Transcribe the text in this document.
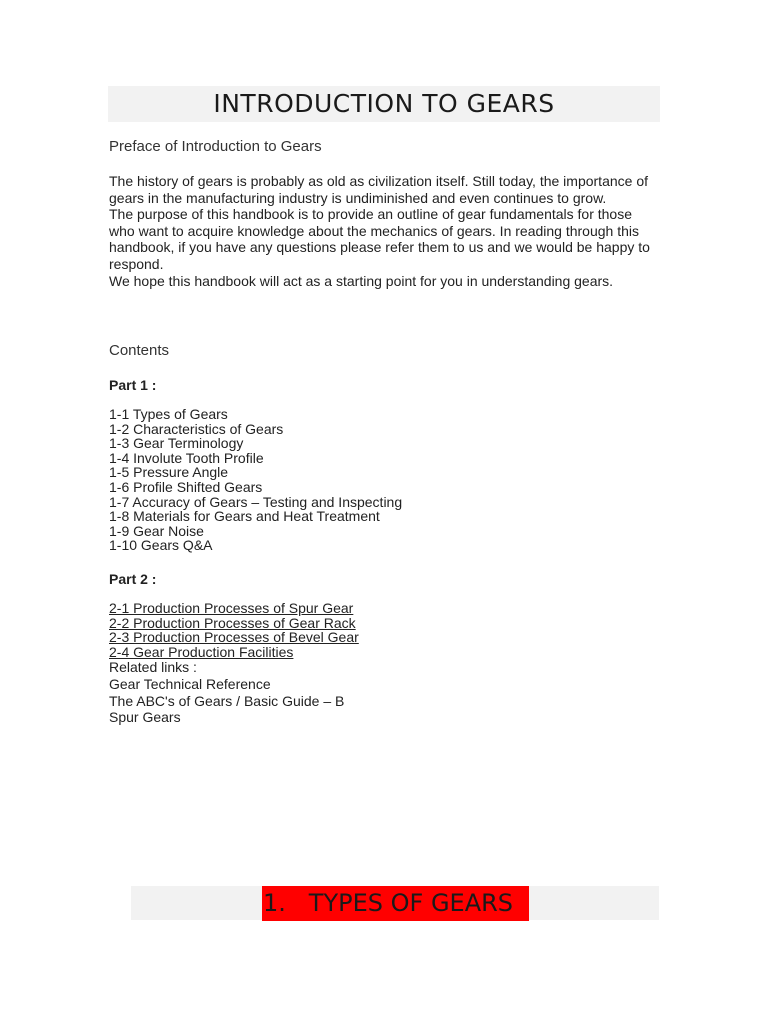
INTRODUCTION TO GEARS
Preface of Introduction to Gears

The history of gears is probably as old as civilization itself. Still today, the importance of gears in the manufacturing industry is undiminished and even continues to grow.

The purpose of this handbook is to provide an outline of gear fundamentals for those who want to acquire knowledge about the mechanics of gears. In reading through this handbook, if you have any questions please refer them to us and we would be happy to respond.

We hope this handbook will act as a starting point for you in understanding gears.

Contents
Part 1 :
1-1 Types of Gears
1-2 Characteristics of Gears
1-3 Gear Terminology
1-4 Involute Tooth Profile
1-5 Pressure Angle
1-6 Profile Shifted Gears
1-7 Accuracy of Gears – Testing and Inspecting
1-8 Materials for Gears and Heat Treatment
1-9 Gear Noise
1-10 Gears Q&A
Part 2 :
2-1 Production Processes of Spur Gear
2-2 Production Processes of Gear Rack
2-3 Production Processes of Bevel Gear
2-4 Gear Production Facilities
Related links :
Gear Technical Reference
The ABC's of Gears / Basic Guide – B
Spur Gears
1. TYPES OF GEARS
